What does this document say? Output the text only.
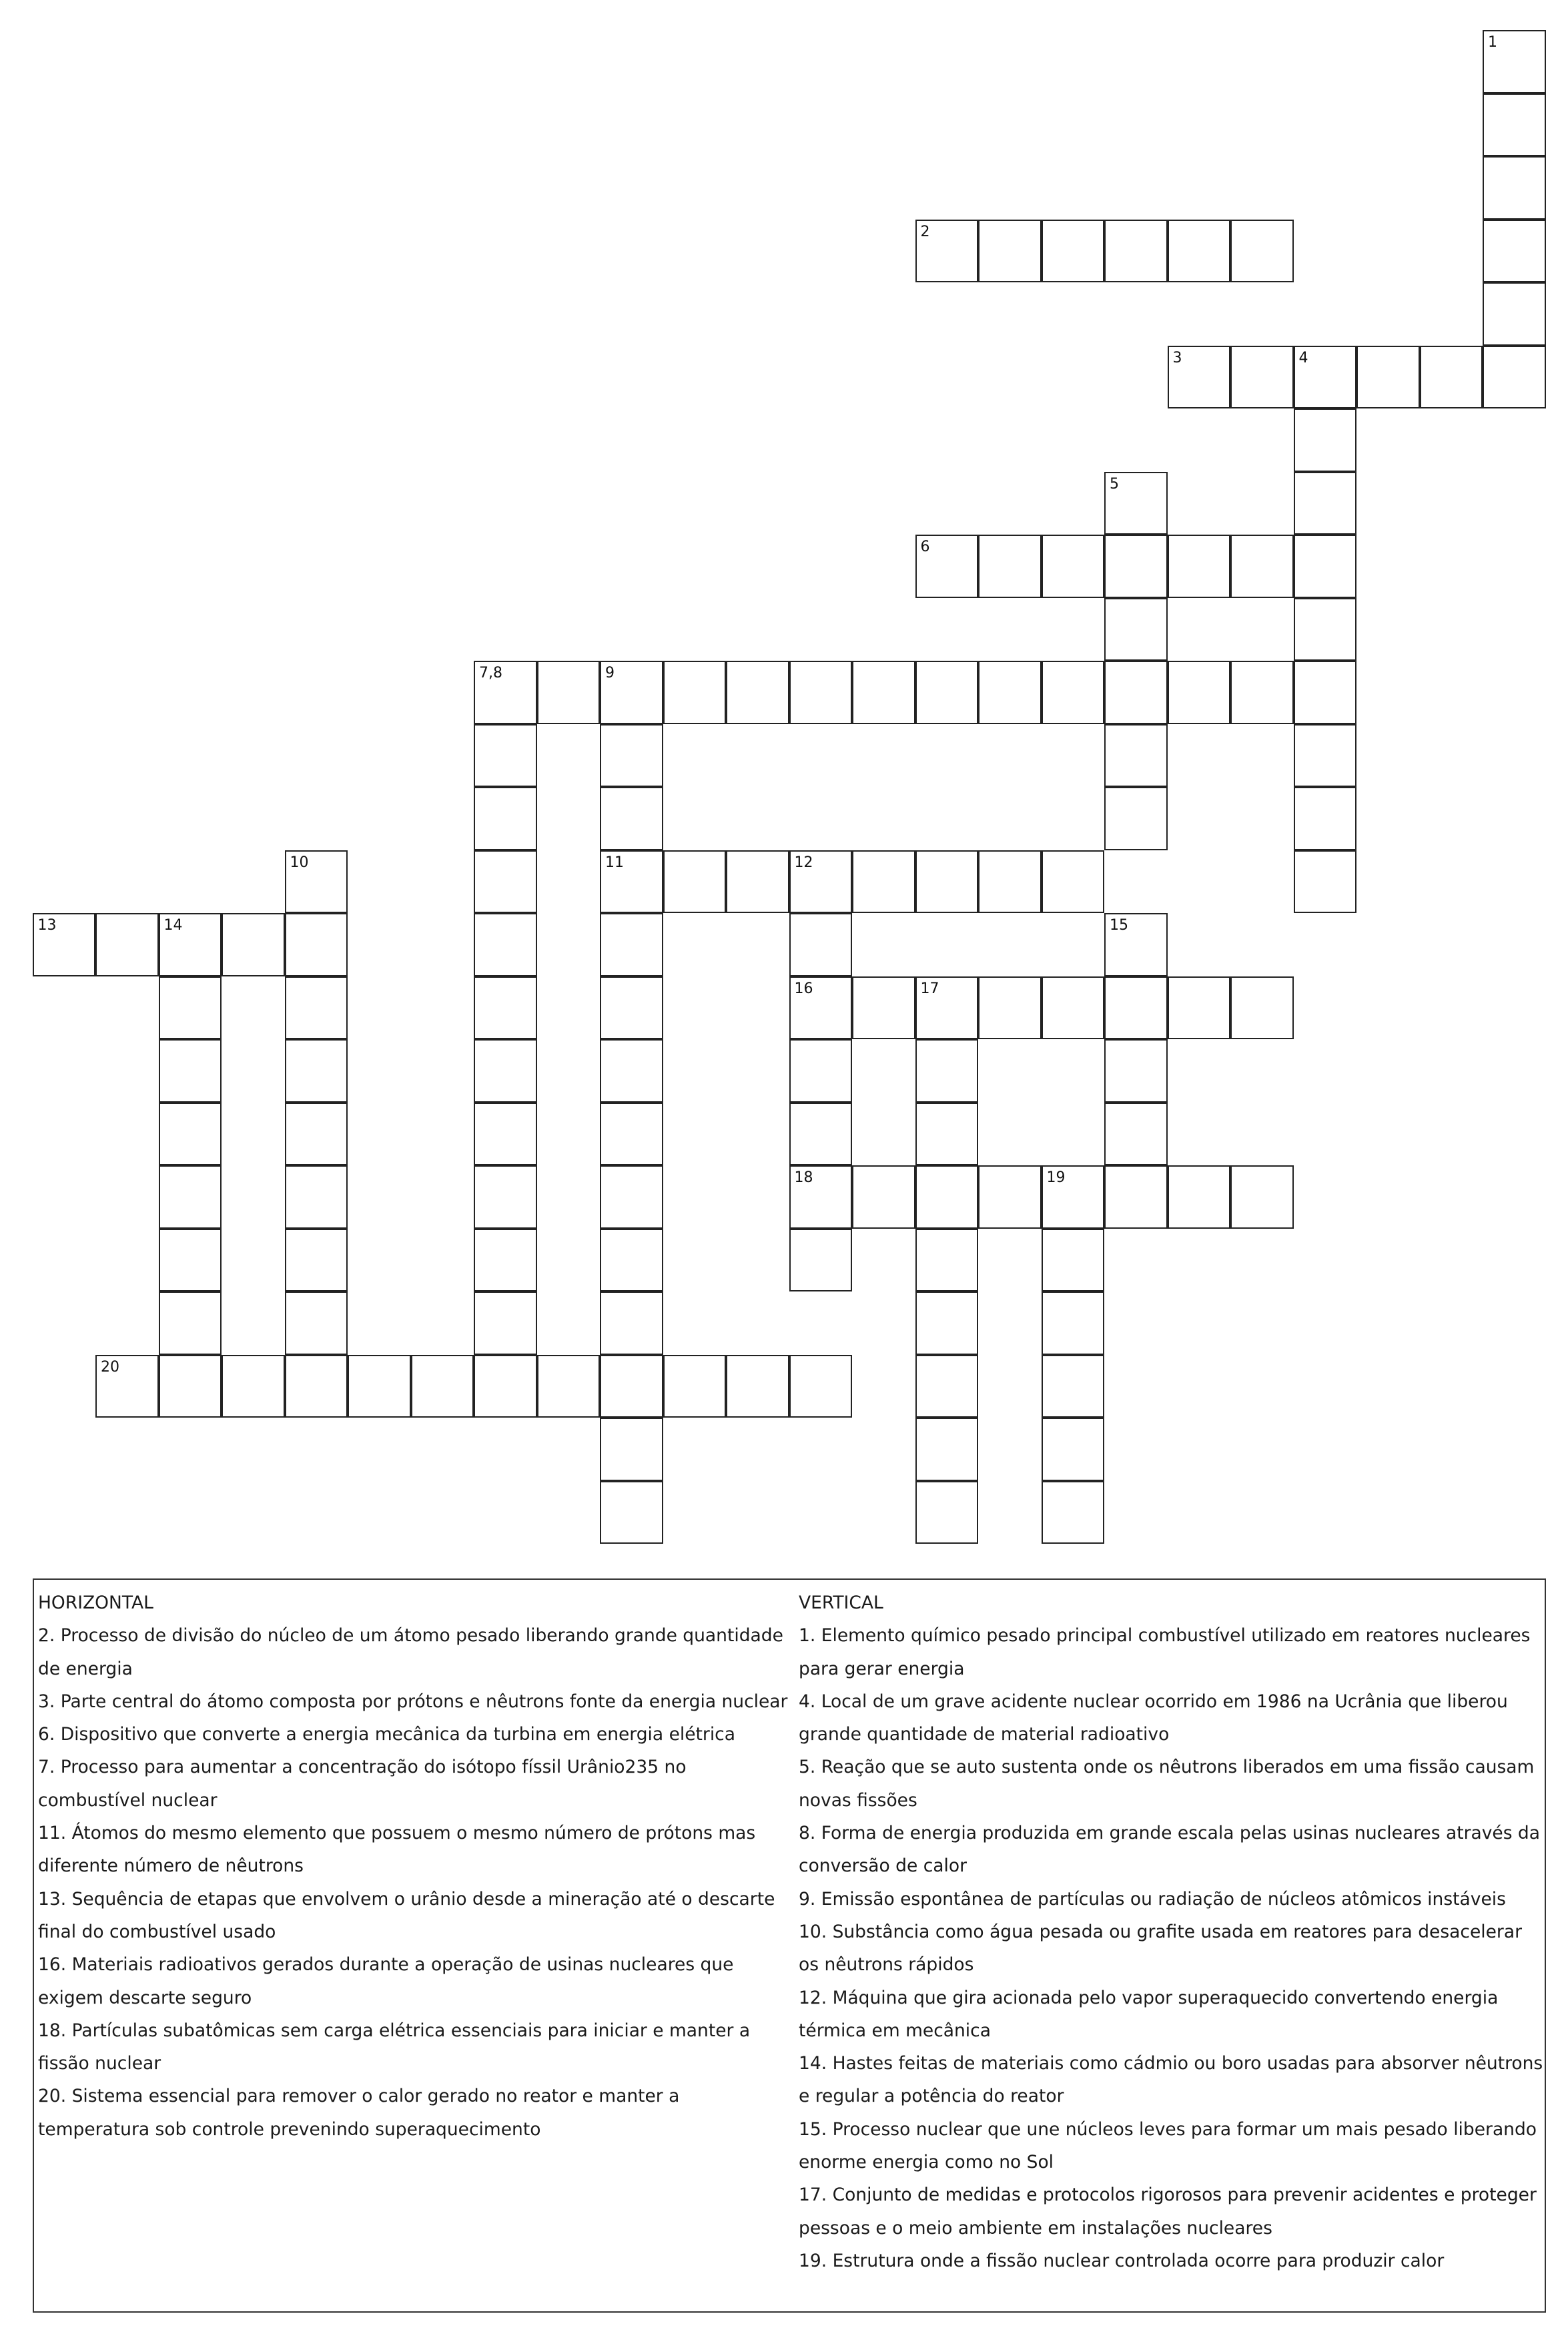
1
2
3	4
5
6
7,8	9
11
10	12
16
18
13	14	15
17
19
20
HORIZONTAL
2. Processo de divisão do núcleo de um átomo pesado liberando grande quantidade de energia
3. Parte central do átomo composta por prótons e nêutrons fonte da energia nuclear
6. Dispositivo que converte a energia mecânica da turbina em energia elétrica
7. Processo para aumentar a concentração do isótopo físsil Urânio235 no combustível nuclear
11. Átomos do mesmo elemento que possuem o mesmo número de prótons mas diferente número de nêutrons
13. Sequência de etapas que envolvem o urânio desde a mineração até o descarte final do combustível usado
16. Materiais radioativos gerados durante a operação de usinas nucleares que exigem descarte seguro
18. Partículas subatômicas sem carga elétrica essenciais para iniciar e manter a fissão nuclear
20. Sistema essencial para remover o calor gerado no reator e manter a temperatura sob controle prevenindo superaquecimento
VERTICAL
1. Elemento químico pesado principal combustível utilizado em reatores nucleares para gerar energia
4. Local de um grave acidente nuclear ocorrido em 1986 na Ucrânia que liberou grande quantidade de material radioativo
5. Reação que se auto sustenta onde os nêutrons liberados em uma fissão causam novas fissões
8. Forma de energia produzida em grande escala pelas usinas nucleares através da conversão de calor
9. Emissão espontânea de partículas ou radiação de núcleos atômicos instáveis
10. Substância como água pesada ou grafite usada em reatores para desacelerar os nêutrons rápidos
12. Máquina que gira acionada pelo vapor superaquecido convertendo energia térmica em mecânica
14. Hastes feitas de materiais como cádmio ou boro usadas para absorver nêutrons e regular a potência do reator
15. Processo nuclear que une núcleos leves para formar um mais pesado liberando enorme energia como no Sol
17. Conjunto de medidas e protocolos rigorosos para prevenir acidentes e proteger pessoas e o meio ambiente em instalações nucleares
19. Estrutura onde a fissão nuclear controlada ocorre para produzir calor
